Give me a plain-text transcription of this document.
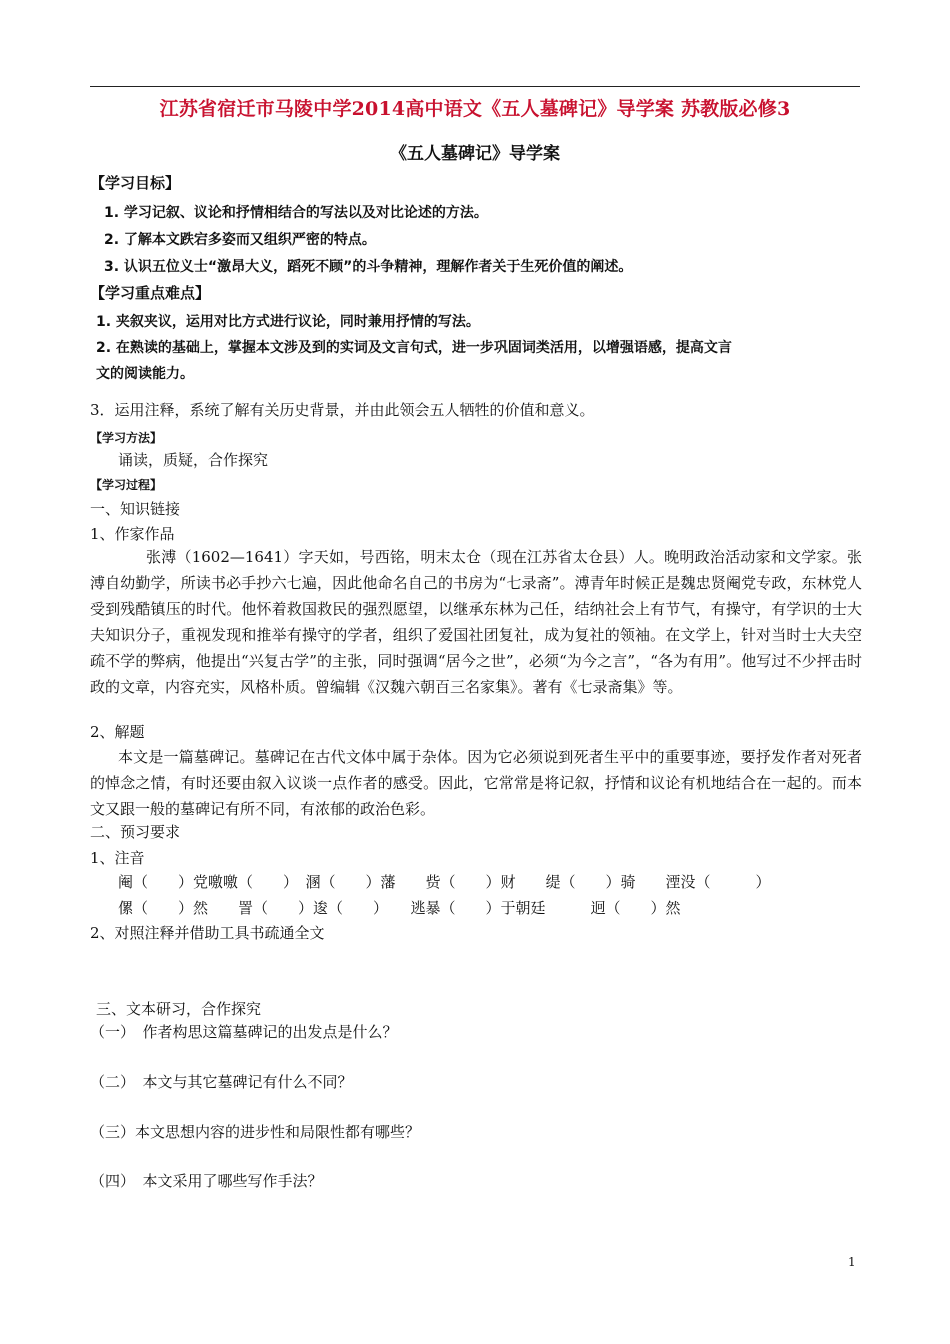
江苏省宿迁市马陵中学2014高中语文《五人墓碑记》导学案 苏教版必修3
《五人墓碑记》导学案
【学习目标】
1. 学习记叙、议论和抒情相结合的写法以及对比论述的方法。
2. 了解本文跌宕多姿而又组织严密的特点。
3. 认识五位义士“激昂大义，蹈死不顾”的斗争精神，理解作者关于生死价值的阐述。
【学习重点难点】
1. 夹叙夹议，运用对比方式进行议论，同时兼用抒情的写法。
2. 在熟读的基础上，掌握本文涉及到的实词及文言句式，进一步巩固词类活用，以增强语感，提高文言
文的阅读能力。
3．运用注释，系统了解有关历史背景，并由此领会五人牺牲的价值和意义。
【学习方法】
诵读，质疑，合作探究
【学习过程】
一、知识链接
1、作家作品
张溥（1602—1641）字天如，号西铭，明末太仓（现在江苏省太仓县）人。晚明政治活动家和文学家。张溥自幼勤学，所读书必手抄六七遍，因此他命名自己的书房为“七录斋”。溥青年时候正是魏忠贤阉党专政，东林党人受到残酷镇压的时代。他怀着救国救民的强烈愿望，以继承东林为己任，结纳社会上有节气，有操守，有学识的士大夫知识分子，重视发现和推举有操守的学者，组织了爱国社团复社，成为复社的领袖。在文学上，针对当时士大夫空疏不学的弊病，他提出“兴复古学”的主张，同时强调“居今之世”，必须“为今之言”，“各为有用”。他写过不少抨击时政的文章，内容充实，风格朴质。曾编辑《汉魏六朝百三名家集》。著有《七录斋集》等。
2、解题
本文是一篇墓碑记。墓碑记在古代文体中属于杂体。因为它必须说到死者生平中的重要事迹，要抒发作者对死者的悼念之情，有时还要由叙入议谈一点作者的感受。因此，它常常是将记叙，抒情和议论有机地结合在一起的。而本文又跟一般的墓碑记有所不同，有浓郁的政治色彩。
二、预习要求
1、注音
阉（　　）党噭噭（　　）　溷（　　）藩　　赀（　　）财　　缇（　　）骑　　湮没（　　　）
傫（　　）然　　詈（　　）逡（　　）　　逃暴（　　）于朝廷　　　迥（　　）然
2、对照注释并借助工具书疏通全文
三、文本研习，合作探究
（一）　作者构思这篇墓碑记的出发点是什么？
（二）　本文与其它墓碑记有什么不同？
（三）本文思想内容的进步性和局限性都有哪些？
（四）　本文采用了哪些写作手法？
1
